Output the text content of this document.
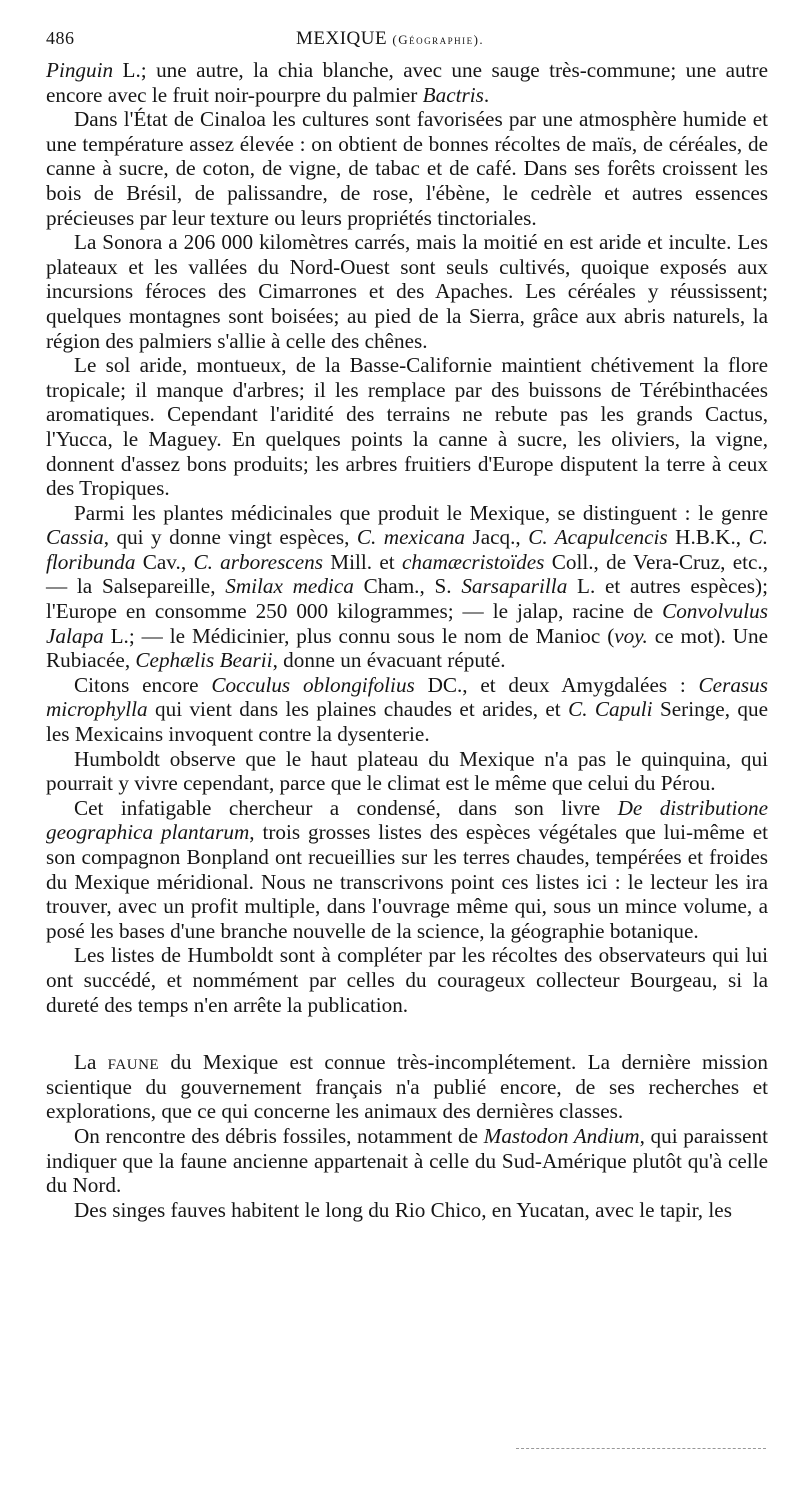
486	MEXIQUE (Géographie).

Pinguin L.; une autre, la chia blanche, avec une sauge très-commune; une autre encore avec le fruit noir-pourpre du palmier Bactris.

Dans l'État de Cinaloa les cultures sont favorisées par une atmosphère humide et une température assez élevée : on obtient de bonnes récoltes de maïs, de céréales, de canne à sucre, de coton, de vigne, de tabac et de café. Dans ses forêts croissent les bois de Brésil, de palissandre, de rose, l'ébène, le cedrèle et autres essences précieuses par leur texture ou leurs propriétés tinctoriales.

La Sonora a 206 000 kilomètres carrés, mais la moitié en est aride et inculte. Les plateaux et les vallées du Nord-Ouest sont seuls cultivés, quoique exposés aux incursions féroces des Cimarrones et des Apaches. Les céréales y réussissent; quelques montagnes sont boisées; au pied de la Sierra, grâce aux abris naturels, la région des palmiers s'allie à celle des chênes.

Le sol aride, montueux, de la Basse-Californie maintient chétivement la flore tropicale; il manque d'arbres; il les remplace par des buissons de Térébinthacées aromatiques. Cependant l'aridité des terrains ne rebute pas les grands Cactus, l'Yucca, le Maguey. En quelques points la canne à sucre, les oliviers, la vigne, donnent d'assez bons produits; les arbres fruitiers d'Europe disputent la terre à ceux des Tropiques.

Parmi les plantes médicinales que produit le Mexique, se distinguent : le genre Cassia, qui y donne vingt espèces, C. mexicana Jacq., C. Acapulcencis H.B.K., C. floribunda Cav., C. arborescens Mill. et chamæcristoïdes Coll., de Vera-Cruz, etc., — la Salsepareille, Smilax medica Cham., S. Sarsaparilla L. et autres espèces); l'Europe en consomme 250 000 kilogrammes; — le jalap, racine de Convolvulus Jalapa L.; — le Médicinier, plus connu sous le nom de Manioc (voy. ce mot). Une Rubiacée, Cephælis Bearii, donne un évacuant réputé.

Citons encore Cocculus oblongifolius DC., et deux Amygdalées : Cerasus microphylla qui vient dans les plaines chaudes et arides, et C. Capuli Seringe, que les Mexicains invoquent contre la dysenterie.

Humboldt observe que le haut plateau du Mexique n'a pas le quinquina, qui pourrait y vivre cependant, parce que le climat est le même que celui du Pérou.

Cet infatigable chercheur a condensé, dans son livre De distributione geographica plantarum, trois grosses listes des espèces végétales que lui-même et son compagnon Bonpland ont recueillies sur les terres chaudes, tempérées et froides du Mexique méridional. Nous ne transcrivons point ces listes ici : le lecteur les ira trouver, avec un profit multiple, dans l'ouvrage même qui, sous un mince volume, a posé les bases d'une branche nouvelle de la science, la géographie botanique.

Les listes de Humboldt sont à compléter par les récoltes des observateurs qui lui ont succédé, et nommément par celles du courageux collecteur Bourgeau, si la dureté des temps n'en arrête la publication.

La faune du Mexique est connue très-incomplétement. La dernière mission scientique du gouvernement français n'a publié encore, de ses recherches et explorations, que ce qui concerne les animaux des dernières classes.

On rencontre des débris fossiles, notamment de Mastodon Andium, qui paraissent indiquer que la faune ancienne appartenait à celle du Sud-Amérique plutôt qu'à celle du Nord.

Des singes fauves habitent le long du Rio Chico, en Yucatan, avec le tapir, les
